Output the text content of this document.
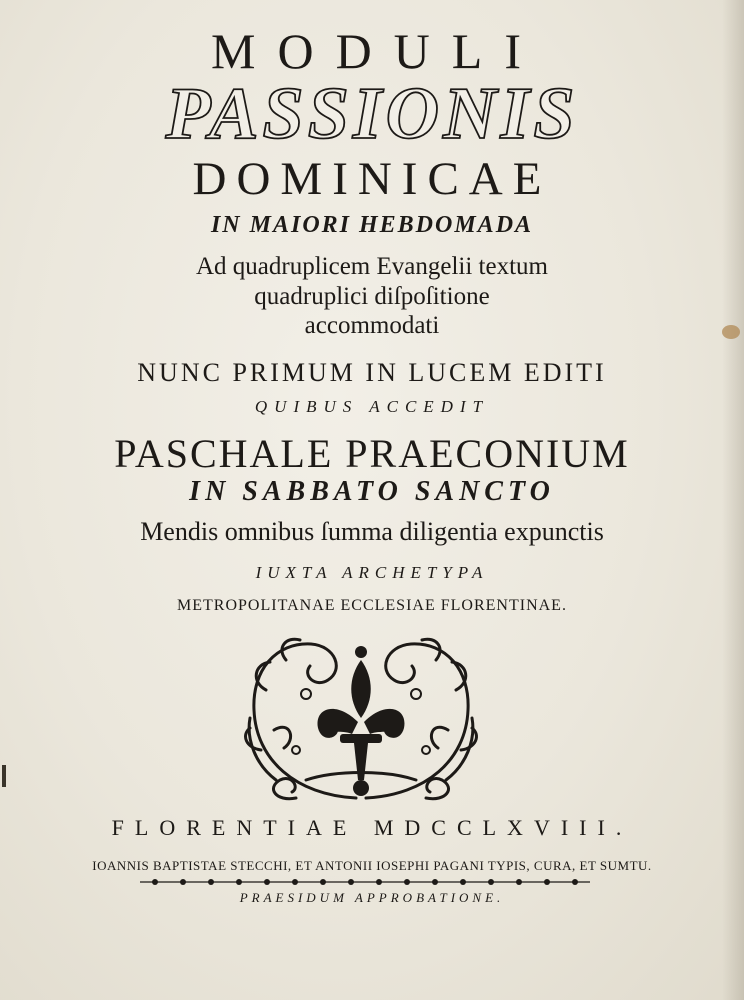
MODULI
PASSIONIS
DOMINICAE
IN MAIORI HEBDOMADA
Ad quadruplicem Evangelii textum
quadruplici diſpoſitione
accommodati
NUNC PRIMUM IN LUCEM EDITI
QUIBUS ACCEDIT
PASCHALE PRAECONIUM
IN SABBATO SANCTO
Mendis omnibus ſumma diligentia expunctis
IUXTA ARCHETYPA
METROPOLITANAE ECCLESIAE FLORENTINAE.
FLORENTIAE MDCCLXVIII.
IOANNIS BAPTISTAE STECCHI, ET ANTONII IOSEPHI PAGANI TYPIS, CURA, ET SUMTU.
PRAESIDUM APPROBATIONE.
